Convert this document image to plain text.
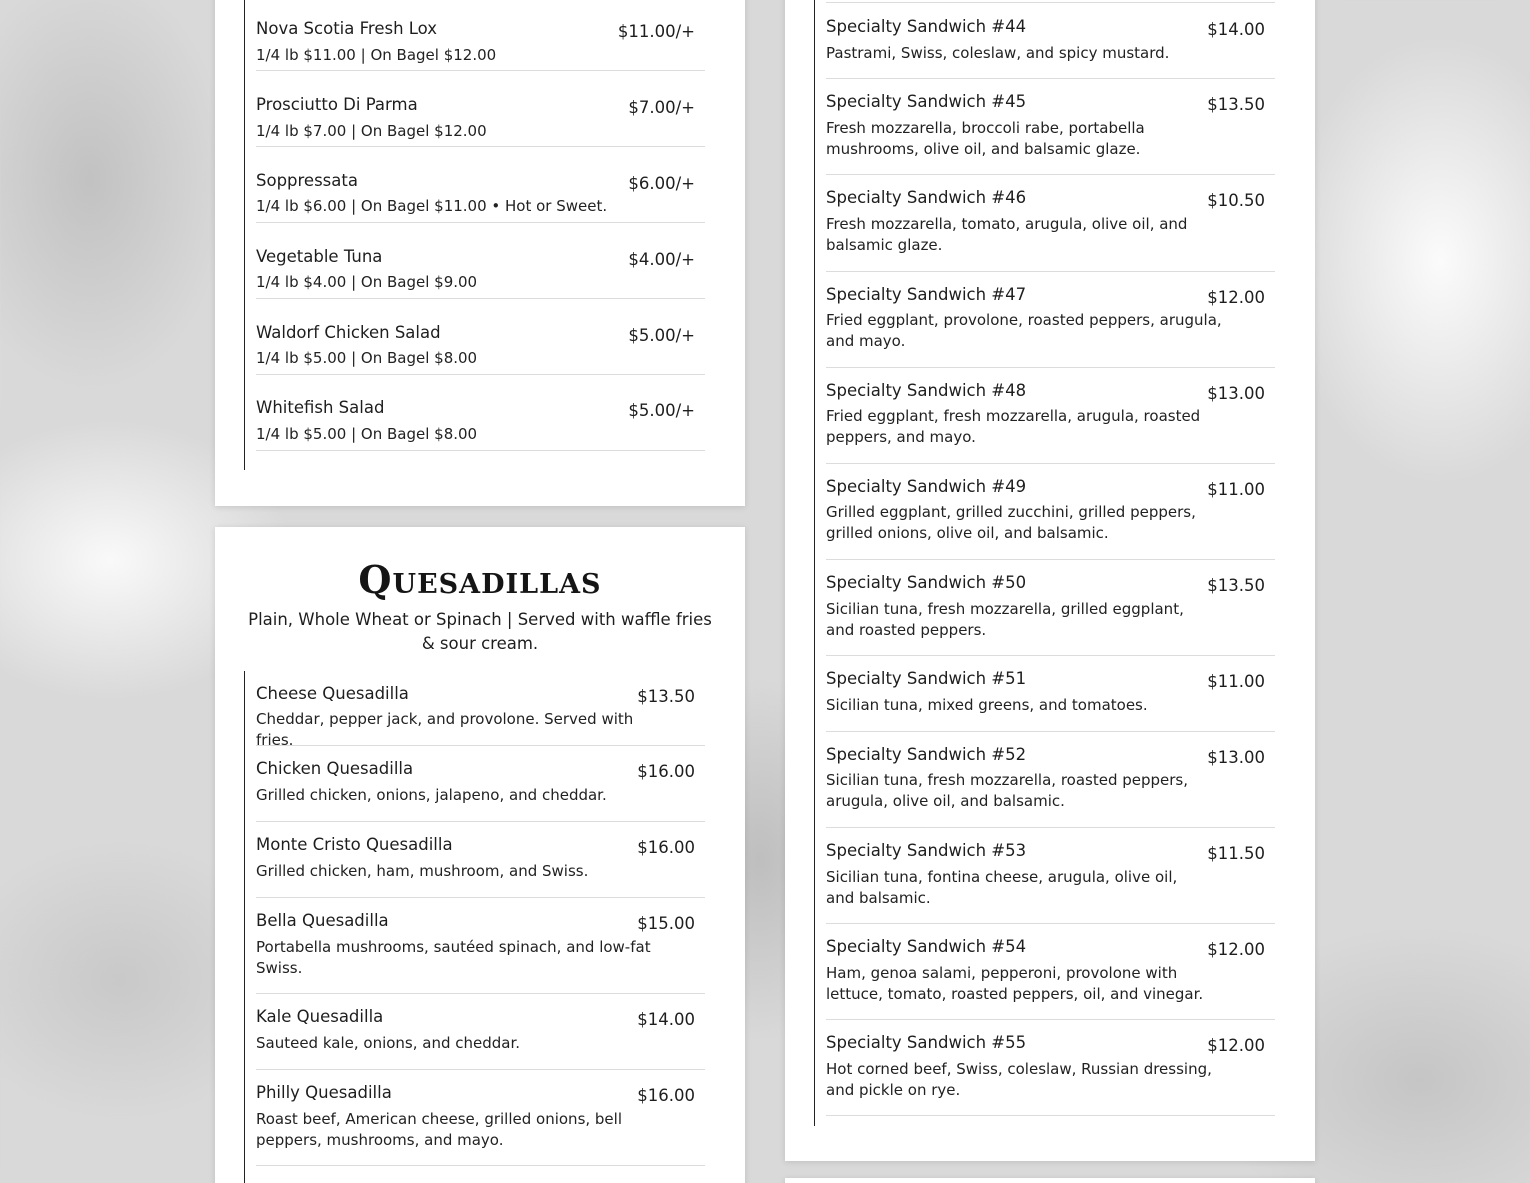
Nova Scotia Fresh Lox	$11.00/+
1/4 lb $11.00 | On Bagel $12.00
Prosciutto Di Parma	$7.00/+
1/4 lb $7.00 | On Bagel $12.00
Soppressata	$6.00/+
1/4 lb $6.00 | On Bagel $11.00 • Hot or Sweet.
Vegetable Tuna	$4.00/+
1/4 lb $4.00 | On Bagel $9.00
Waldorf Chicken Salad	$5.00/+
1/4 lb $5.00 | On Bagel $8.00
Whitefish Salad	$5.00/+
1/4 lb $5.00 | On Bagel $8.00
Quesadillas
Plain, Whole Wheat or Spinach | Served with waffle fries & sour cream.
Cheese Quesadilla	$13.50
Cheddar, pepper jack, and provolone. Served with fries.
Chicken Quesadilla	$16.00
Grilled chicken, onions, jalapeno, and cheddar.
Monte Cristo Quesadilla	$16.00
Grilled chicken, ham, mushroom, and Swiss.
Bella Quesadilla	$15.00
Portabella mushrooms, sautéed spinach, and low-fat Swiss.
Kale Quesadilla	$14.00
Sauteed kale, onions, and cheddar.
Philly Quesadilla	$16.00
Roast beef, American cheese, grilled onions, bell peppers, mushrooms, and mayo.
Specialty Sandwich #44	$14.00
Pastrami, Swiss, coleslaw, and spicy mustard.
Specialty Sandwich #45	$13.50
Fresh mozzarella, broccoli rabe, portabella mushrooms, olive oil, and balsamic glaze.
Specialty Sandwich #46	$10.50
Fresh mozzarella, tomato, arugula, olive oil, and balsamic glaze.
Specialty Sandwich #47	$12.00
Fried eggplant, provolone, roasted peppers, arugula, and mayo.
Specialty Sandwich #48	$13.00
Fried eggplant, fresh mozzarella, arugula, roasted peppers, and mayo.
Specialty Sandwich #49	$11.00
Grilled eggplant, grilled zucchini, grilled peppers, grilled onions, olive oil, and balsamic.
Specialty Sandwich #50	$13.50
Sicilian tuna, fresh mozzarella, grilled eggplant, and roasted peppers.
Specialty Sandwich #51	$11.00
Sicilian tuna, mixed greens, and tomatoes.
Specialty Sandwich #52	$13.00
Sicilian tuna, fresh mozzarella, roasted peppers, arugula, olive oil, and balsamic.
Specialty Sandwich #53	$11.50
Sicilian tuna, fontina cheese, arugula, olive oil, and balsamic.
Specialty Sandwich #54	$12.00
Ham, genoa salami, pepperoni, provolone with lettuce, tomato, roasted peppers, oil, and vinegar.
Specialty Sandwich #55	$12.00
Hot corned beef, Swiss, coleslaw, Russian dressing, and pickle on rye.
